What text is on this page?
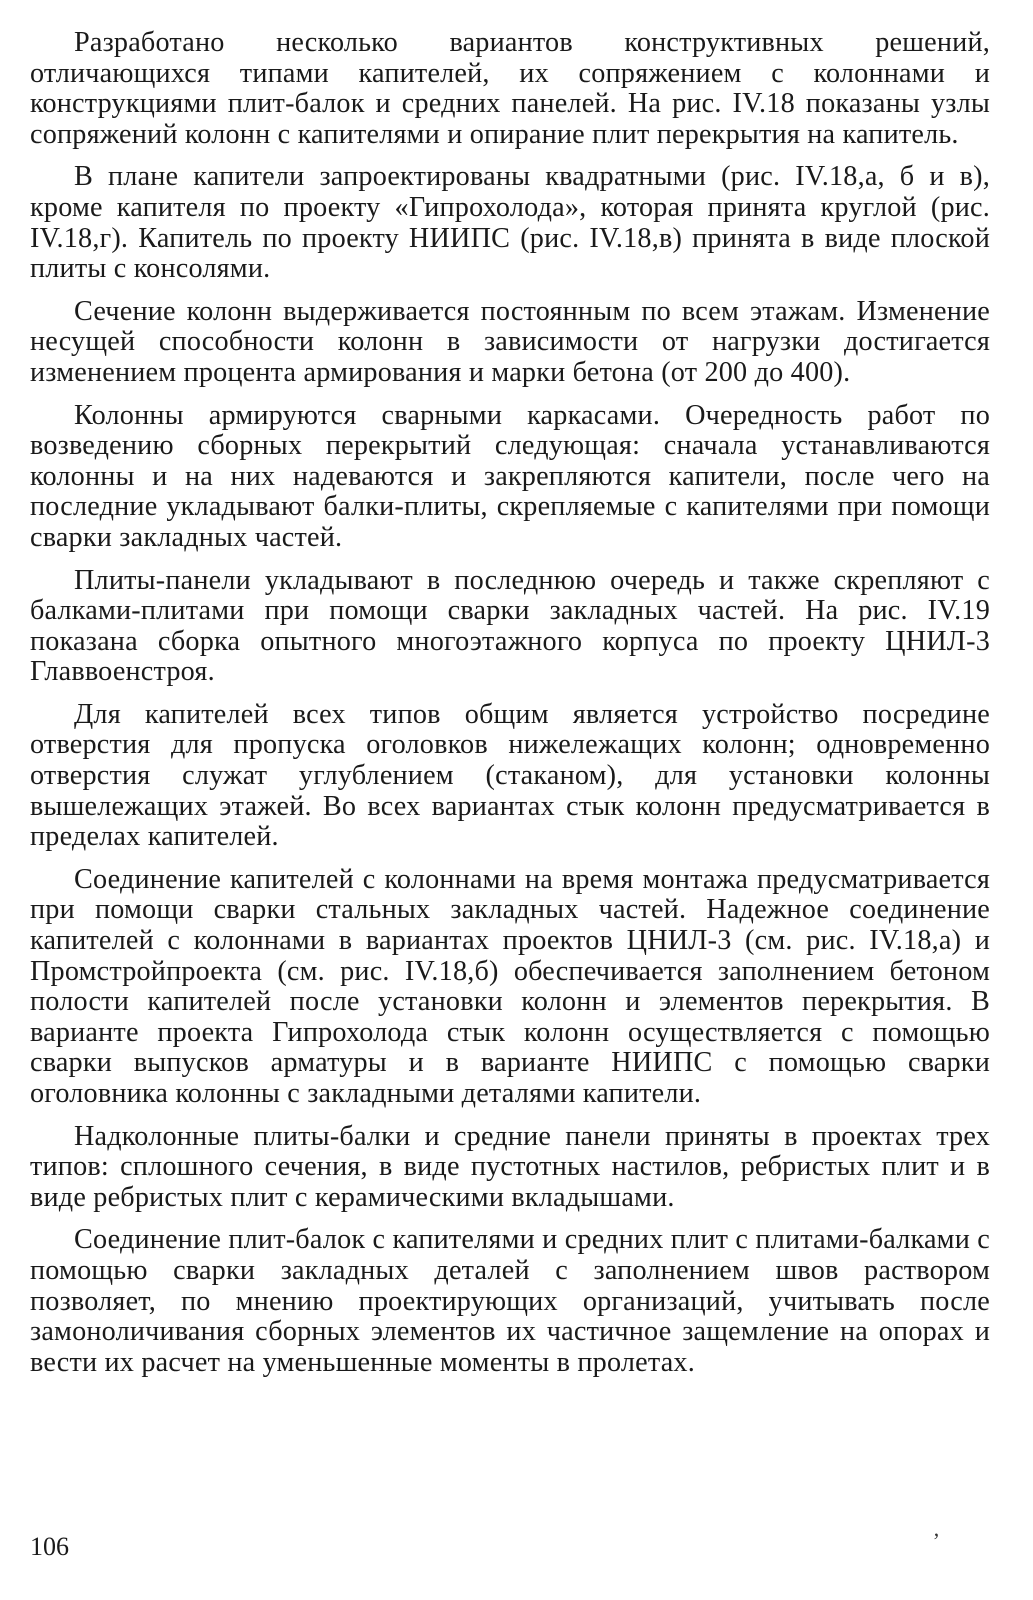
Разработано несколько вариантов конструктивных решений, отличающихся типами капителей, их сопряжением с колоннами и конструкциями плит-балок и средних панелей. На рис. IV.18 показаны узлы сопряжений колонн с капителями и опирание плит перекрытия на капитель.

В плане капители запроектированы квадратными (рис. IV.18,а, б и в), кроме капителя по проекту «Гипрохолода», которая принята круглой (рис. IV.18,г). Капитель по проекту НИИПС (рис. IV.18,в) принята в виде плоской плиты с консолями.

Сечение колонн выдерживается постоянным по всем этажам. Изменение несущей способности колонн в зависимости от нагрузки достигается изменением процента армирования и марки бетона (от 200 до 400).

Колонны армируются сварными каркасами. Очередность работ по возведению сборных перекрытий следующая: сначала устанавливаются колонны и на них надеваются и закрепляются капители, после чего на последние укладывают балки-плиты, скрепляемые с капителями при помощи сварки закладных частей.

Плиты-панели укладывают в последнюю очередь и также скрепляют с балками-плитами при помощи сварки закладных частей. На рис. IV.19 показана сборка опытного многоэтажного корпуса по проекту ЦНИЛ-3 Главвоенстроя.

Для капителей всех типов общим является устройство посредине отверстия для пропуска оголовков нижележащих колонн; одновременно отверстия служат углублением (стаканом), для установки колонны вышележащих этажей. Во всех вариантах стык колонн предусматривается в пределах капителей.

Соединение капителей с колоннами на время монтажа предусматривается при помощи сварки стальных закладных частей. Надежное соединение капителей с колоннами в вариантах проектов ЦНИЛ-3 (см. рис. IV.18,а) и Промстройпроекта (см. рис. IV.18,б) обеспечивается заполнением бетоном полости капителей после установки колонн и элементов перекрытия. В варианте проекта Гипрохолода стык колонн осуществляется с помощью сварки выпусков арматуры и в варианте НИИПС с помощью сварки оголовника колонны с закладными деталями капители.

Надколонные плиты-балки и средние панели приняты в проектах трех типов: сплошного сечения, в виде пустотных настилов, ребристых плит и в виде ребристых плит с керамическими вкладышами.

Соединение плит-балок с капителями и средних плит с плитами-балками с помощью сварки закладных деталей с заполнением швов раствором позволяет, по мнению проектирующих организаций, учитывать после замоноличивания сборных элементов их частичное защемление на опорах и вести их расчет на уменьшенные моменты в пролетах.

106	’
